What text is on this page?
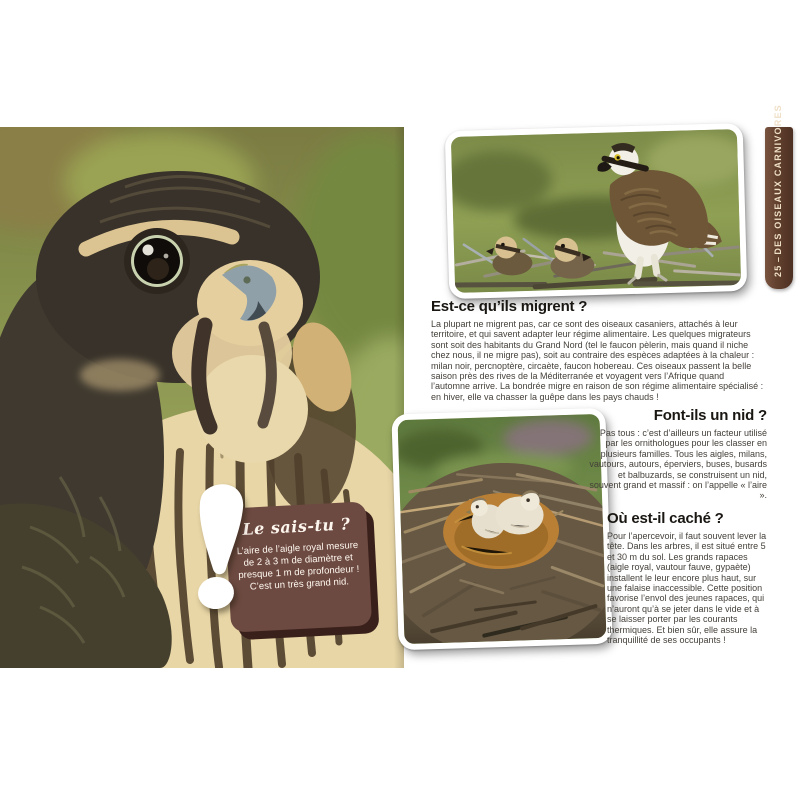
Est-ce qu’ils migrent ?

La plupart ne migrent pas, car ce sont des oiseaux casaniers, attachés à leur territoire, et qui savent adapter leur régime alimentaire. Les quelques migrateurs sont soit des habitants du Grand Nord (tel le faucon pèlerin, mais quand il niche chez nous, il ne migre pas), soit au contraire des espèces adaptées à la chaleur : milan noir, percnoptère, circaète, faucon hobereau. Ces oiseaux passent la belle saison près des rives de la Méditerranée et voyagent vers l’Afrique quand l’automne arrive. La bondrée migre en raison de son régime alimentaire spécialisé : en hiver, elle va chasser la guêpe dans les pays chauds !

Font-ils un nid ?

Pas tous : c’est d’ailleurs un facteur utilisé par les ornithologues pour les classer en plusieurs familles. Tous les aigles, milans, vautours, autours, éperviers, buses, busards et balbuzards, se construisent un nid, souvent grand et massif : on l’appelle « l’aire ».

Où est-il caché ?

Pour l’apercevoir, il faut souvent lever la tête. Dans les arbres, il est situé entre 5 et 30 m du sol. Les grands rapaces (aigle royal, vautour fauve, gypaète) installent le leur encore plus haut, sur une falaise inaccessible. Cette position favorise l’envol des jeunes rapaces, qui n’auront qu’à se jeter dans le vide et à se laisser porter par les courants thermiques. Et bien sûr, elle assure la tranquillité de ses occupants !

Le sais-tu ?
L’aire de l’aigle royal mesure de 2 à 3 m de diamètre et presque 1 m de profondeur ! C’est un très grand nid.
25 – DES OISEAUX CARNIVORES
